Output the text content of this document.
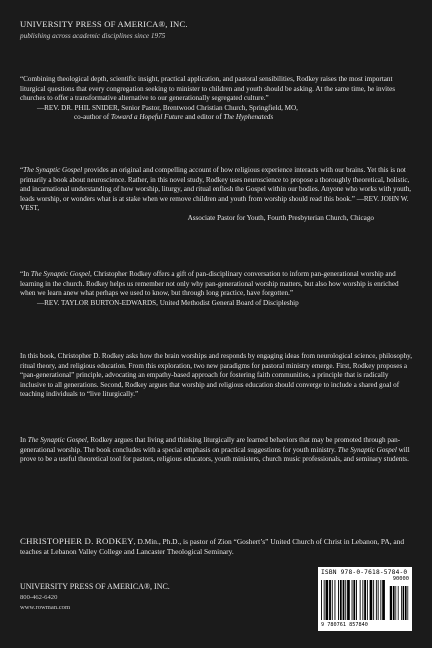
UNIVERSITY PRESS OF AMERICA®, INC.
publishing across academic disciplines since 1975

“Combining theological depth, scientific insight, practical application, and pastoral sensibilities, Rodkey raises the most important liturgical questions that every congregation seeking to minister to children and youth should be asking. At the same time, he invites churches to offer a transformative alternative to our generationally segregated culture.”

—REV. DR. PHIL SNIDER, Senior Pastor, Brentwood Christian Church, Springfield, MO,
co-author of Toward a Hopeful Future and editor of The Hyphenateds

“The Synaptic Gospel provides an original and compelling account of how religious experience interacts with our brains. Yet this is not primarily a book about neuroscience. Rather, in this novel study, Rodkey uses neuroscience to propose a thoroughly theoretical, holistic, and incarnational understanding of how worship, liturgy, and ritual enflesh the Gospel within our bodies. Anyone who works with youth, leads worship, or wonders what is at stake when we remove children and youth from worship should read this book.” —REV. JOHN W. VEST,

Associate Pastor for Youth, Fourth Presbyterian Church, Chicago

“In The Synaptic Gospel, Christopher Rodkey offers a gift of pan-disciplinary conversation to inform pan-generational worship and learning in the church. Rodkey helps us remember not only why pan-generational worship matters, but also how worship is enriched when we learn anew what perhaps we used to know, but through long practice, have forgotten.”

—REV. TAYLOR BURTON-EDWARDS, United Methodist General Board of Discipleship

In this book, Christopher D. Rodkey asks how the brain worships and responds by engaging ideas from neurological science, philosophy, ritual theory, and religious education. From this exploration, two new paradigms for pastoral ministry emerge. First, Rodkey proposes a “pan-generational” principle, advocating an empathy-based approach for fostering faith communities, a principle that is radically inclusive to all generations. Second, Rodkey argues that worship and religious education should converge to include a shared goal of teaching individuals to “live liturgically.”

In The Synaptic Gospel, Rodkey argues that living and thinking liturgically are learned behaviors that may be promoted through pan-generational worship. The book concludes with a special emphasis on practical suggestions for youth ministry. The Synaptic Gospel will prove to be a useful theoretical tool for pastors, religious educators, youth ministers, church music professionals, and seminary students.

CHRISTOPHER D. RODKEY, D.Min., Ph.D., is pastor of Zion “Goshert’s” United Church of Christ in Lebanon, PA, and teaches at Lebanon Valley College and Lancaster Theological Seminary.
UNIVERSITY PRESS OF AMERICA®, INC.
800-462-6420
www.rowman.com
ISBN 978-0-7618-5784-0
90000
9 780761 857840
